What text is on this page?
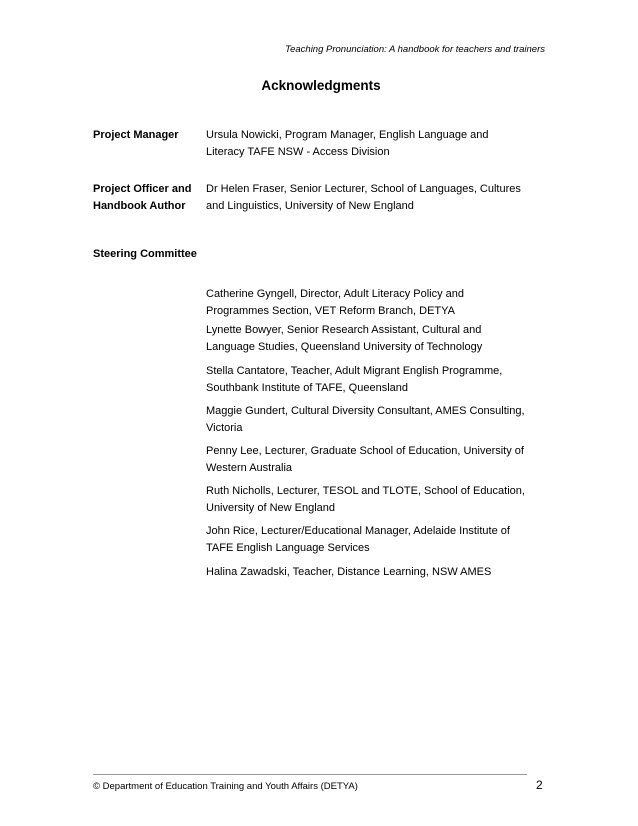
Teaching Pronunciation: A handbook for teachers and trainers
Acknowledgments
Project Manager	Ursula Nowicki, Program Manager, English Language and
Literacy TAFE NSW - Access Division
Project Officer and
Handbook Author
Dr Helen Fraser, Senior Lecturer, School of Languages, Cultures
and Linguistics, University of New England
Steering Committee
Catherine Gyngell, Director, Adult Literacy Policy and
Programmes Section, VET Reform Branch, DETYA
Lynette Bowyer, Senior Research Assistant, Cultural and
Language Studies, Queensland University of Technology
Stella Cantatore, Teacher, Adult Migrant English Programme,
Southbank Institute of TAFE, Queensland
Maggie Gundert, Cultural Diversity Consultant, AMES Consulting,
Victoria
Penny Lee, Lecturer, Graduate School of Education, University of
Western Australia
Ruth Nicholls, Lecturer, TESOL and TLOTE, School of Education,
University of New England
John Rice, Lecturer/Educational Manager, Adelaide Institute of
TAFE English Language Services
Halina Zawadski, Teacher, Distance Learning, NSW AMES
© Department of Education Training and Youth Affairs (DETYA)	2
